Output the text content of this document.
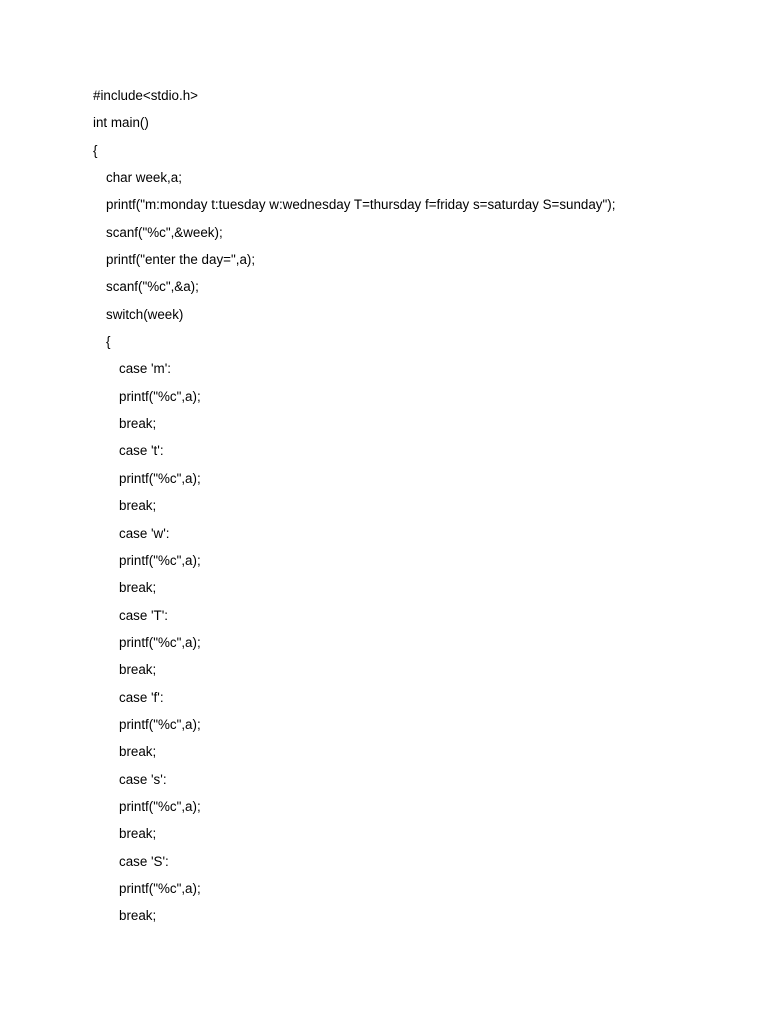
#include<stdio.h>
int main()
{
char week,a;
printf("m:monday t:tuesday w:wednesday T=thursday f=friday s=saturday S=sunday");
scanf("%c",&week);
printf("enter the day=",a);
scanf("%c",&a);
switch(week)
{
case 'm':
printf("%c",a);
break;
case 't':
printf("%c",a);
break;
case 'w':
printf("%c",a);
break;
case 'T':
printf("%c",a);
break;
case 'f':
printf("%c",a);
break;
case 's':
printf("%c",a);
break;
case 'S':
printf("%c",a);
break;
